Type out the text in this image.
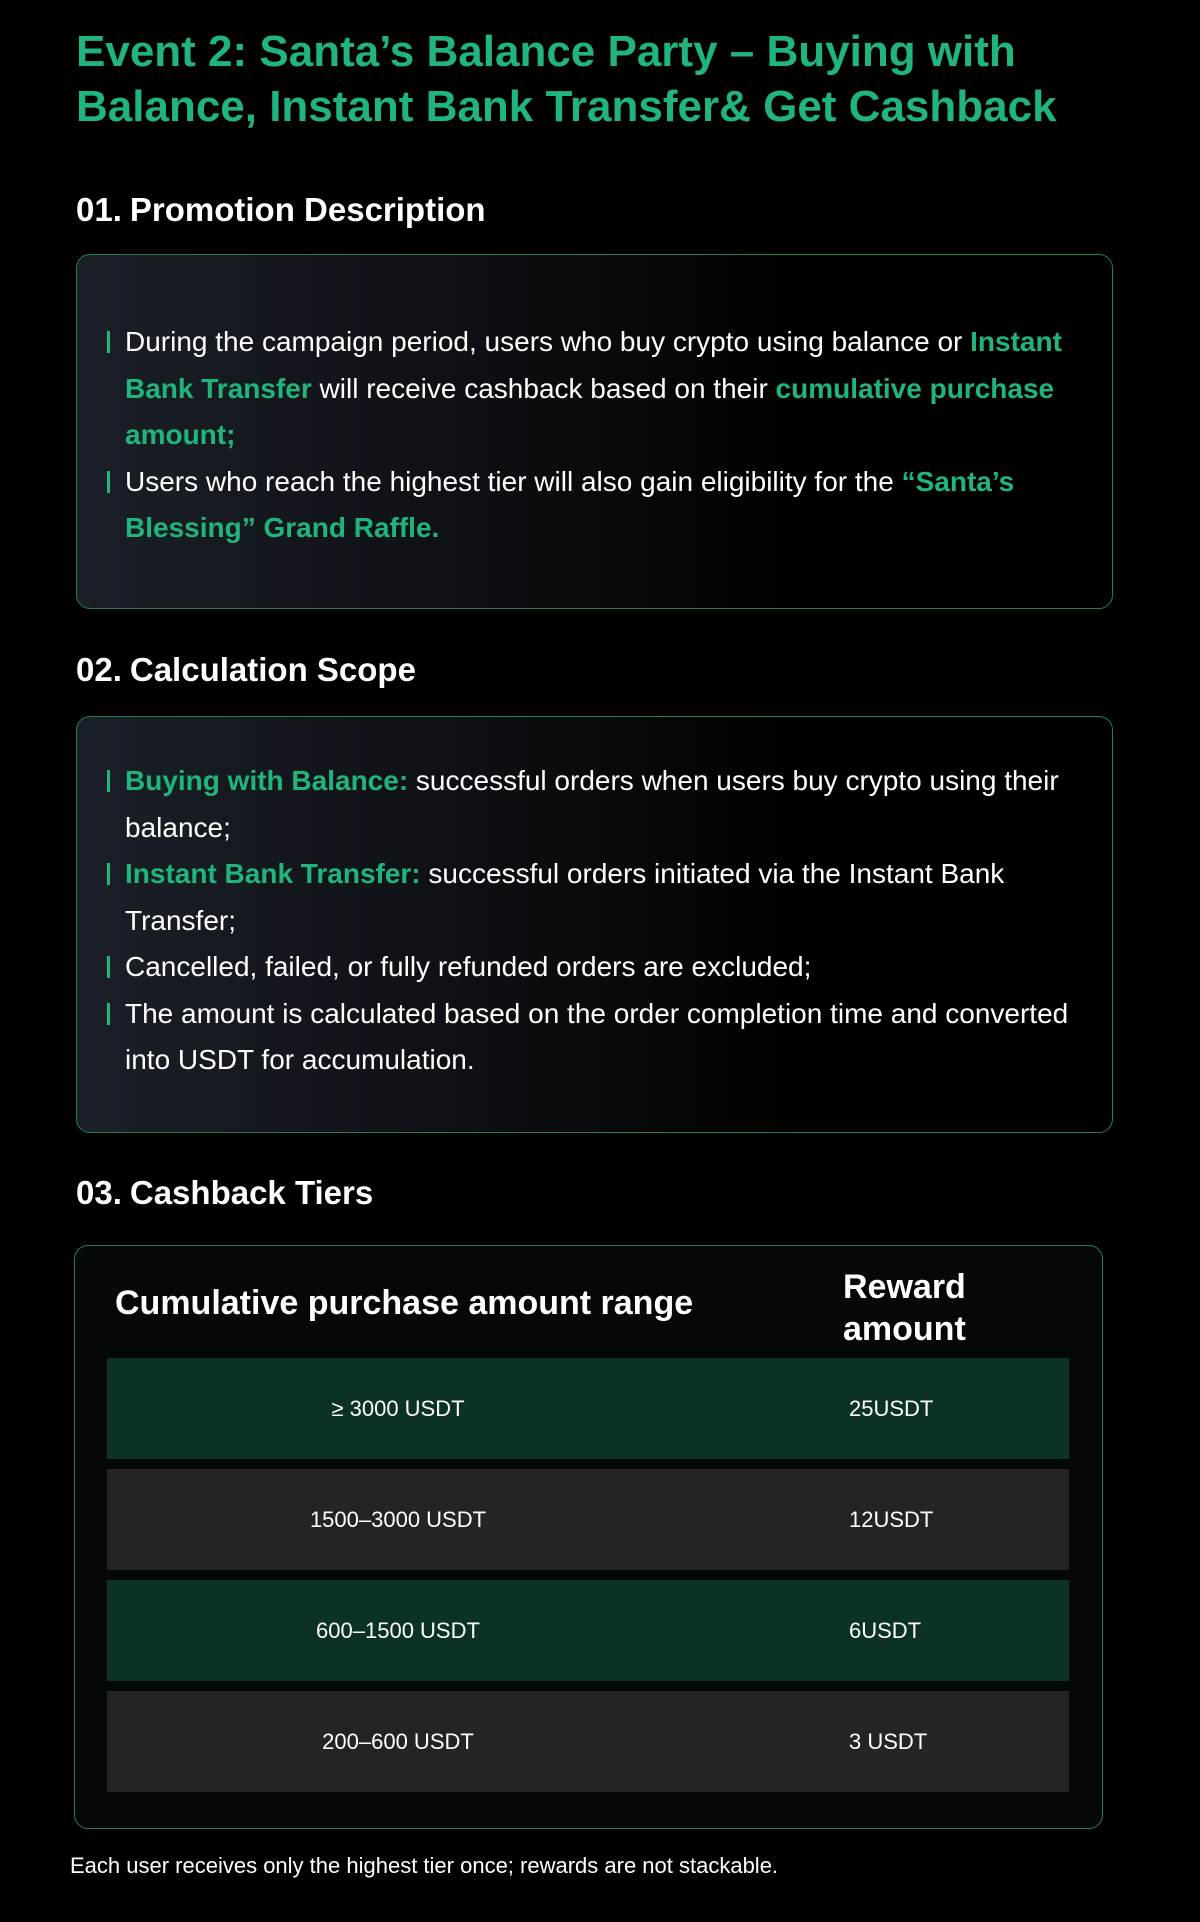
Event 2: Santa’s Balance Party – Buying with Balance, Instant Bank Transfer& Get Cashback
01. Promotion Description

During the campaign period, users who buy crypto using balance or Instant Bank Transfer will receive cashback based on their cumulative purchase amount;

Users who reach the highest tier will also gain eligibility for the “Santa’s Blessing” Grand Raffle.

02. Calculation Scope

Buying with Balance: successful orders when users buy crypto using their balance;

Instant Bank Transfer: successful orders initiated via the Instant Bank Transfer;

Cancelled, failed, or fully refunded orders are excluded;

The amount is calculated based on the order completion time and converted into USDT for accumulation.

03. Cashback Tiers
Cumulative purchase amount range	Reward amount
≥ 3000 USDT	25USDT
1500–3000 USDT	12USDT
600–1500 USDT	6USDT
200–600 USDT	3 USDT

Each user receives only the highest tier once; rewards are not stackable.
